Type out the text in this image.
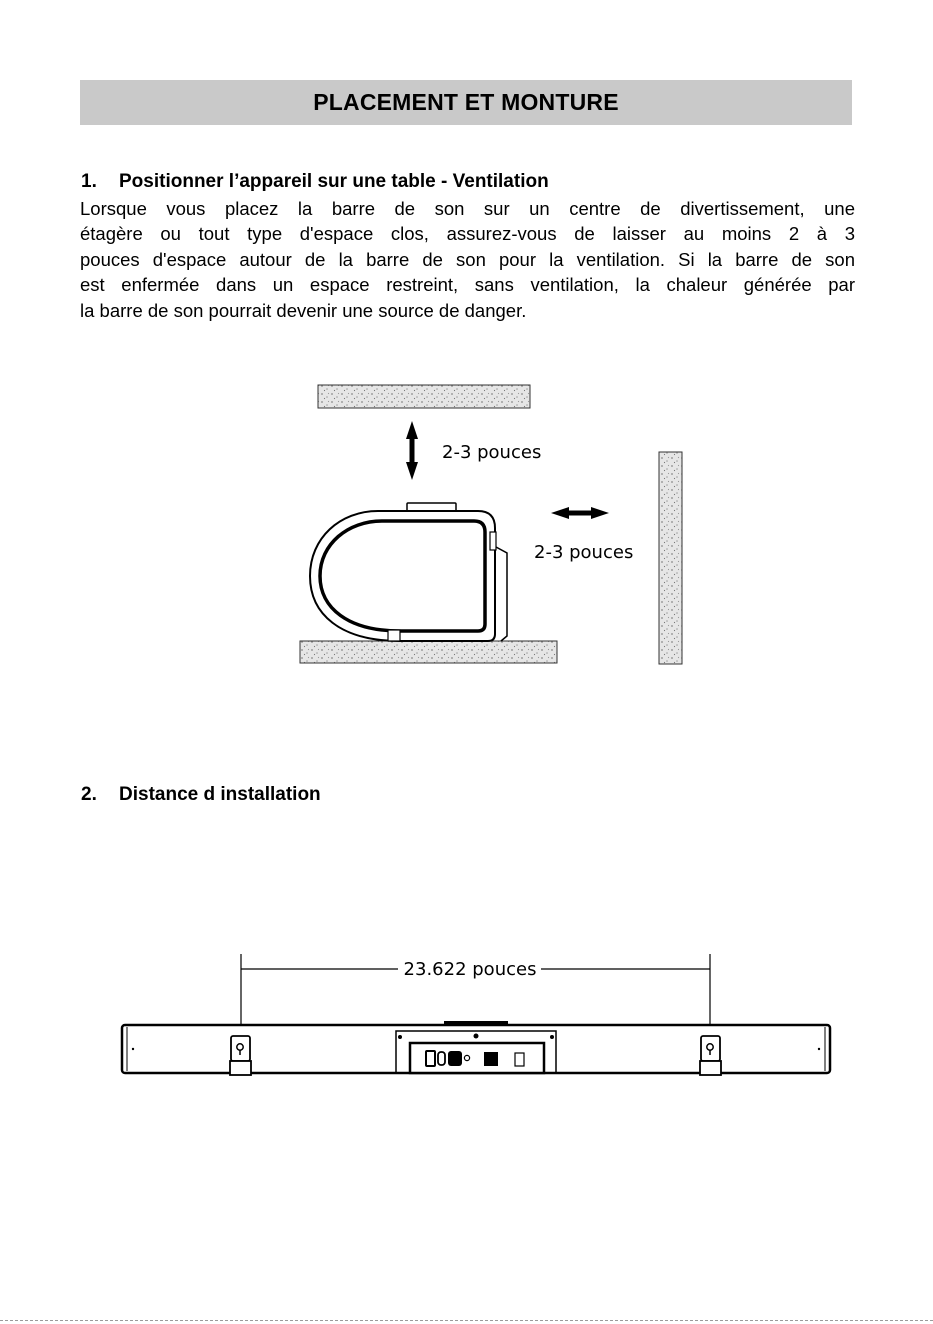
PLACEMENT ET MONTURE
1. Positionner l’appareil sur une table - Ventilation
Lorsque vous placez la barre de son sur un centre de divertissement, une
étagère ou tout type d'espace clos, assurez-vous de laisser au moins 2 à 3
pouces d'espace autour de la barre de son pour la ventilation. Si la barre de son
est enfermée dans un espace restreint, sans ventilation, la chaleur générée par
la barre de son pourrait devenir une source de danger.
2-3 pouces
2-3 pouces
23.622 pouces
2. Distance d installation
